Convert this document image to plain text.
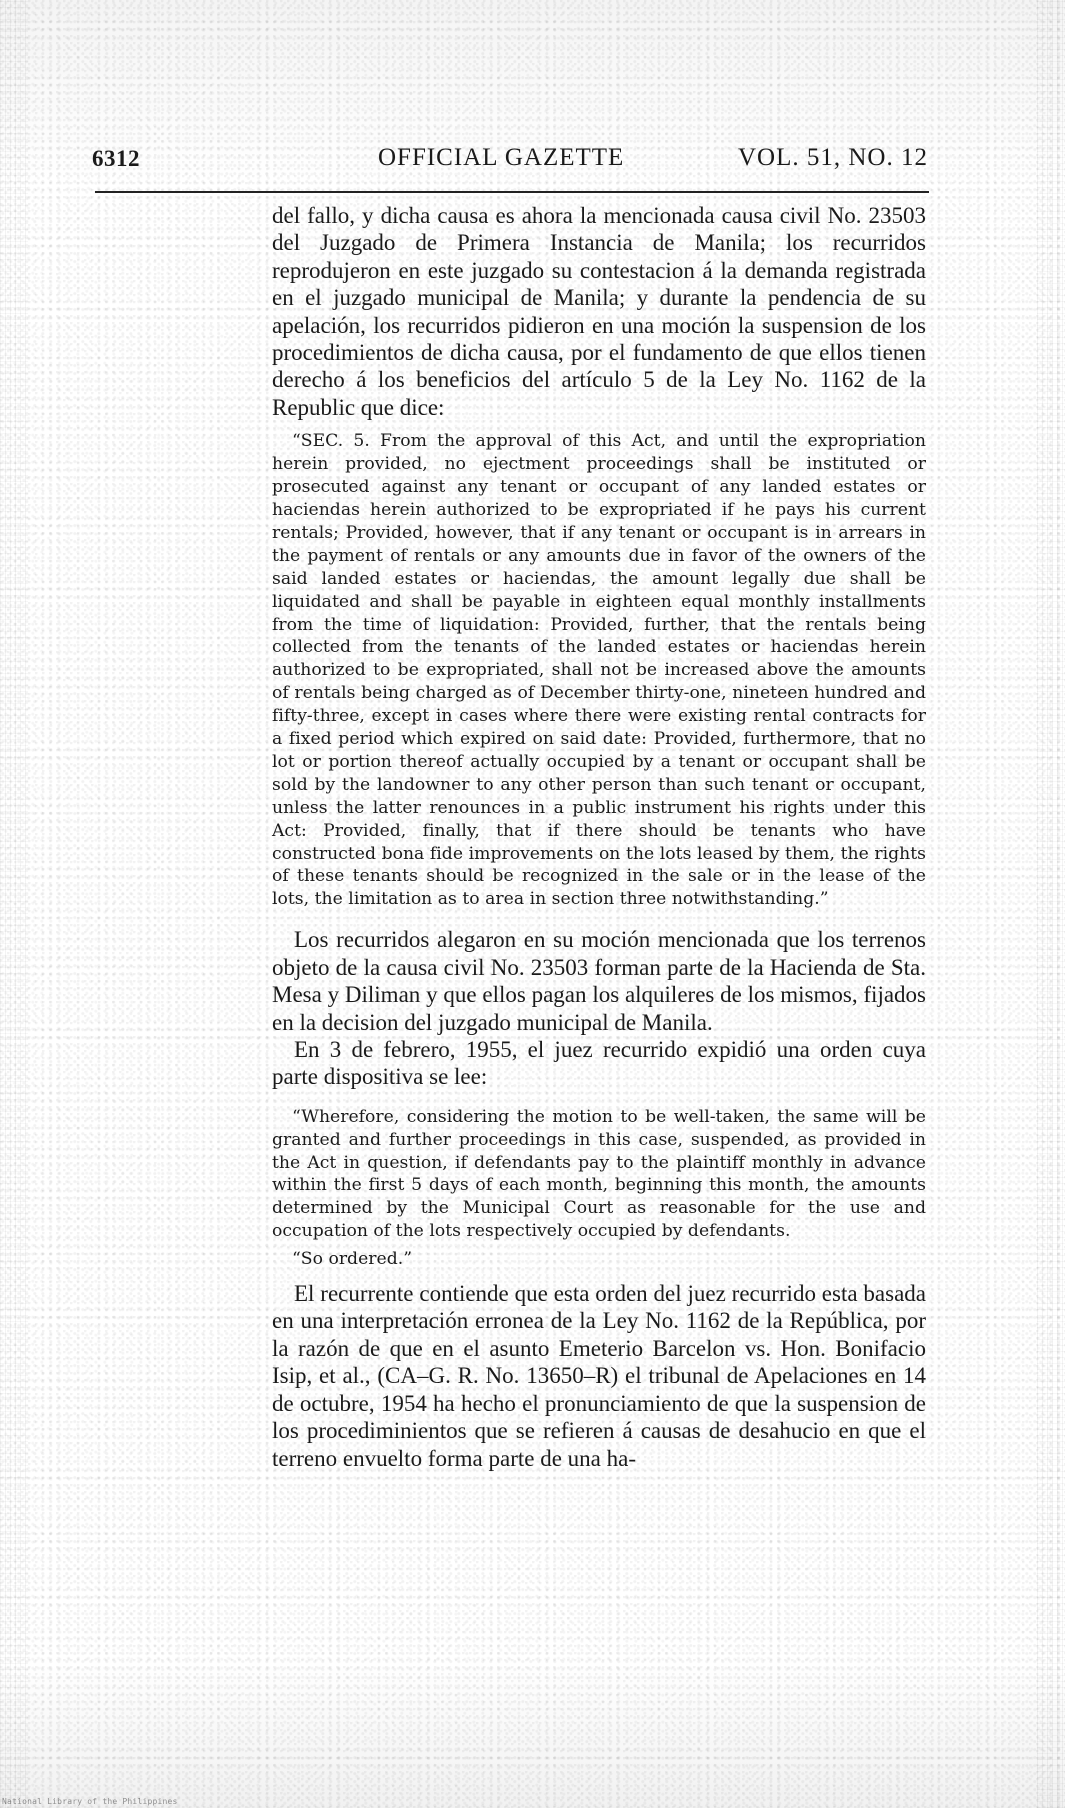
6312	OFFICIAL GAZETTE	VOL. 51, NO. 12

del fallo, y dicha causa es ahora la mencionada causa civil No. 23503 del Juzgado de Primera Instancia de Manila; los recurridos reprodujeron en este juzgado su contestacion á la demanda registrada en el juzgado municipal de Manila; y durante la pendencia de su apelación, los recurridos pidieron en una moción la suspension de los procedimientos de dicha causa, por el fundamento de que ellos tienen derecho á los beneficios del artículo 5 de la Ley No. 1162 de la Republic que dice:

“SEC. 5. From the approval of this Act, and until the expropriation herein provided, no ejectment proceedings shall be instituted or prosecuted against any tenant or occupant of any landed estates or haciendas herein authorized to be expropriated if he pays his current rentals; Provided, however, that if any tenant or occupant is in arrears in the payment of rentals or any amounts due in favor of the owners of the said landed estates or haciendas, the amount legally due shall be liquidated and shall be payable in eighteen equal monthly installments from the time of liquidation: Provided, further, that the rentals being collected from the tenants of the landed estates or haciendas herein authorized to be expropriated, shall not be increased above the amounts of rentals being charged as of December thirty-one, nineteen hundred and fifty-three, except in cases where there were existing rental contracts for a fixed period which expired on said date: Provided, furthermore, that no lot or portion thereof actually occupied by a tenant or occupant shall be sold by the landowner to any other person than such tenant or occupant, unless the latter renounces in a public instrument his rights under this Act: Provided, finally, that if there should be tenants who have constructed bona fide improvements on the lots leased by them, the rights of these tenants should be recognized in the sale or in the lease of the lots, the limitation as to area in section three notwithstanding.”

Los recurridos alegaron en su moción mencionada que los terrenos objeto de la causa civil No. 23503 forman parte de la Hacienda de Sta. Mesa y Diliman y que ellos pagan los alquileres de los mismos, fijados en la decision del juzgado municipal de Manila.

En 3 de febrero, 1955, el juez recurrido expidió una orden cuya parte dispositiva se lee:

“Wherefore, considering the motion to be well-taken, the same will be granted and further proceedings in this case, suspended, as provided in the Act in question, if defendants pay to the plaintiff monthly in advance within the first 5 days of each month, beginning this month, the amounts determined by the Municipal Court as reasonable for the use and occupation of the lots respectively occupied by defendants.

“So ordered.”

El recurrente contiende que esta orden del juez recurrido esta basada en una interpretación erronea de la Ley No. 1162 de la República, por la razón de que en el asunto Emeterio Barcelon vs. Hon. Bonifacio Isip, et al., (CA–G. R. No. 13650–R) el tribunal de Apelaciones en 14 de octubre, 1954 ha hecho el pronunciamiento de que la suspension de los procediminientos que se refieren á causas de desahucio en que el terreno envuelto forma parte de una ha-

National Library of the Philippines
